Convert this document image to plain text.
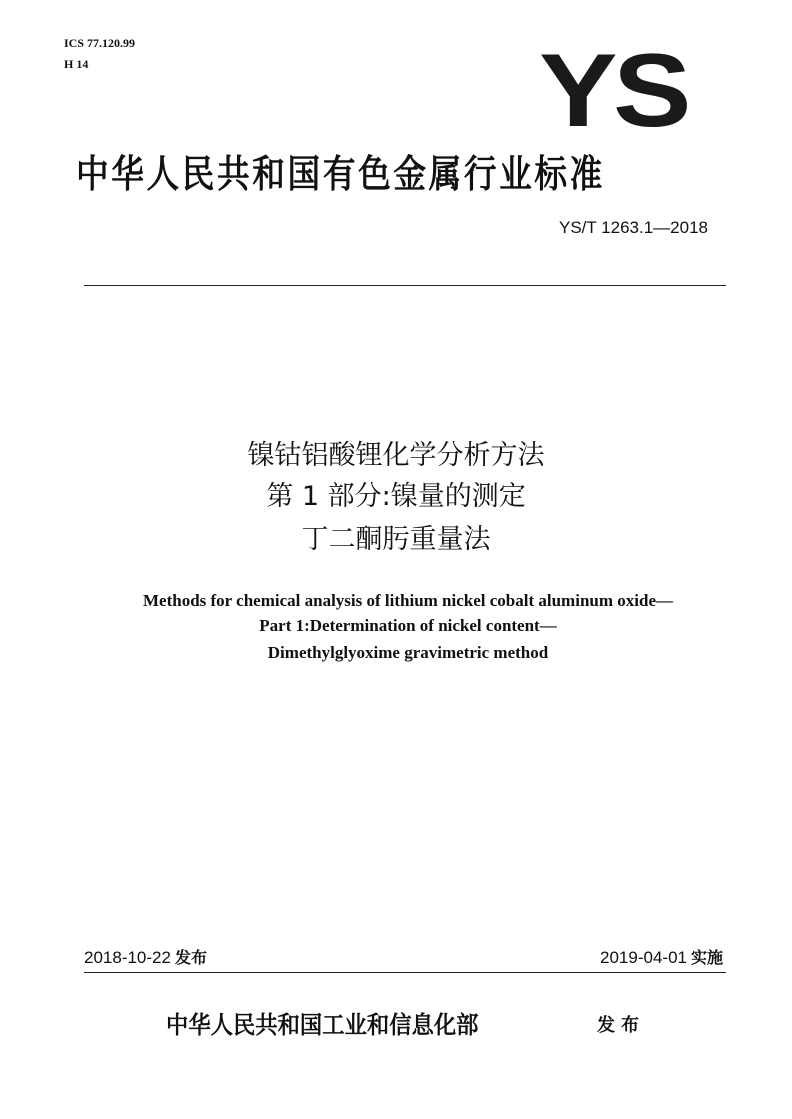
ICS 77.120.99
H 14	YS
中华人民共和国有色金属行业标准
YS/T 1263.1—2018
镍钴铝酸锂化学分析方法
第 1 部分:镍量的测定
丁二酮肟重量法
Methods for chemical analysis of lithium nickel cobalt aluminum oxide—
Part 1:Determination of nickel content—
Dimethylglyoxime gravimetric method
2018-10-22 发布	2019-04-01 实施
中华人民共和国工业和信息化部	发布
